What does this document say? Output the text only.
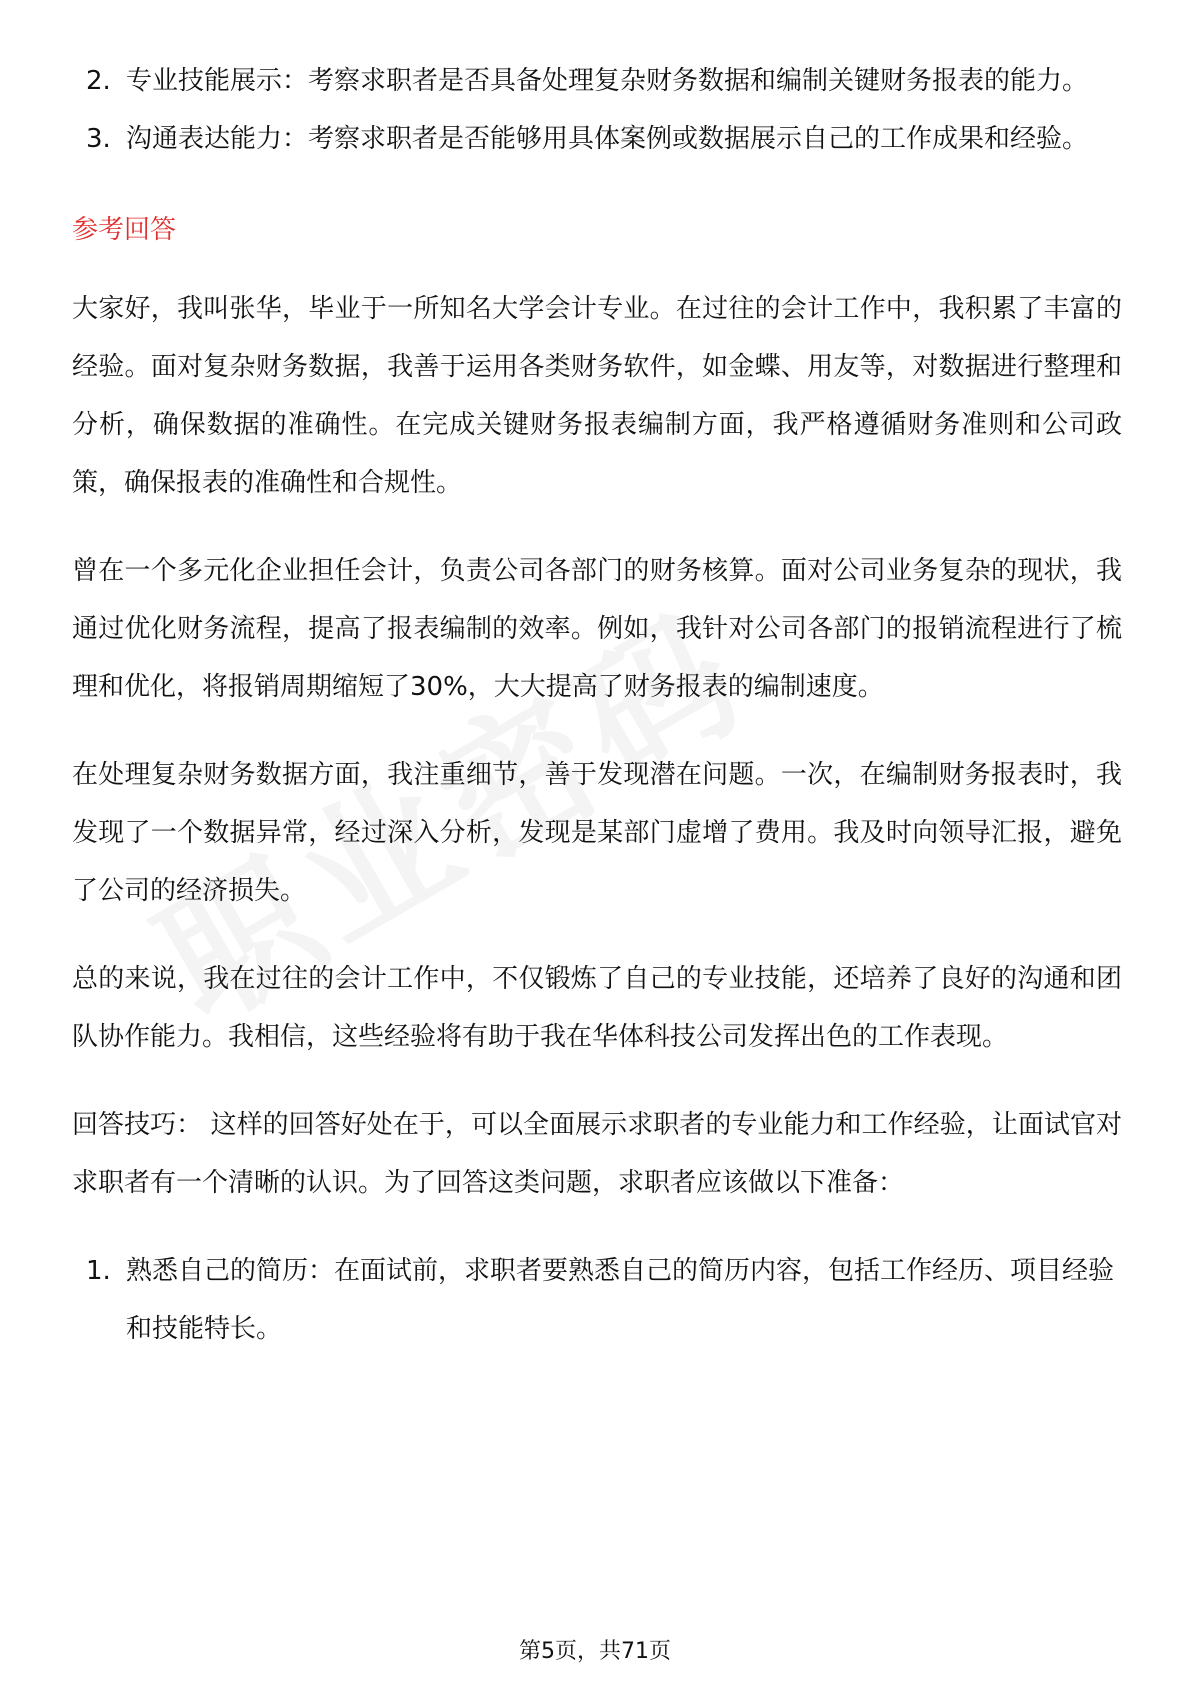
2. 专业技能展示：考察求职者是否具备处理复杂财务数据和编制关键财务报表的能力。
3. 沟通表达能力：考察求职者是否能够用具体案例或数据展示自己的工作成果和经验。
参考回答

大家好，我叫张华，毕业于一所知名大学会计专业。在过往的会计工作中，我积累了丰富的经验。面对复杂财务数据，我善于运用各类财务软件，如金蝶、用友等，对数据进行整理和分析，确保数据的准确性。在完成关键财务报表编制方面，我严格遵循财务准则和公司政策，确保报表的准确性和合规性。

曾在一个多元化企业担任会计，负责公司各部门的财务核算。面对公司业务复杂的现状，我通过优化财务流程，提高了报表编制的效率。例如，我针对公司各部门的报销流程进行了梳理和优化，将报销周期缩短了30%，大大提高了财务报表的编制速度。

在处理复杂财务数据方面，我注重细节，善于发现潜在问题。一次，在编制财务报表时，我发现了一个数据异常，经过深入分析，发现是某部门虚增了费用。我及时向领导汇报，避免了公司的经济损失。

总的来说，我在过往的会计工作中，不仅锻炼了自己的专业技能，还培养了良好的沟通和团队协作能力。我相信，这些经验将有助于我在华体科技公司发挥出色的工作表现。

回答技巧： 这样的回答好处在于，可以全面展示求职者的专业能力和工作经验，让面试官对求职者有一个清晰的认识。为了回答这类问题，求职者应该做以下准备：

1. 熟悉自己的简历：在面试前，求职者要熟悉自己的简历内容，包括工作经历、项目经验和技能特长。
第5页，共71页
